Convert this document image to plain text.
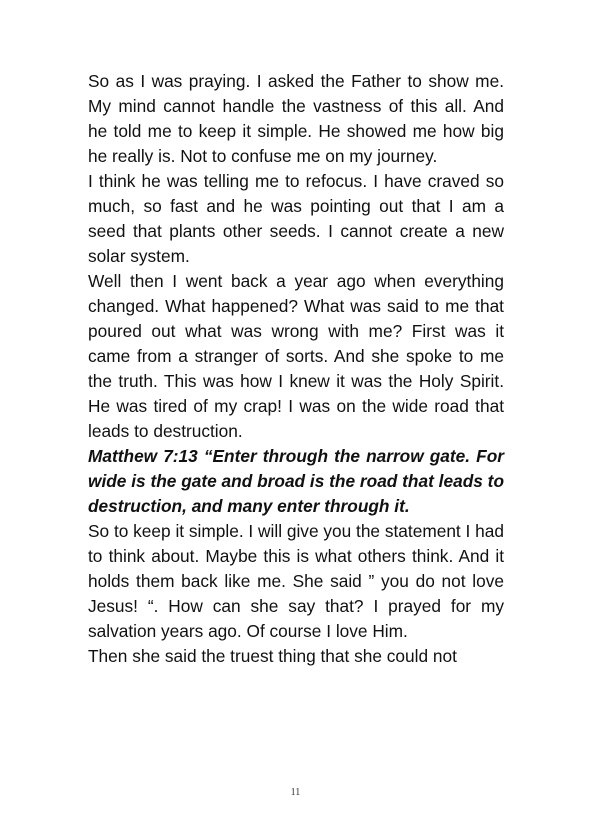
So as I was praying. I asked the Father to show me. My mind cannot handle the vastness of this all. And he told me to keep it simple. He showed me how big he really is. Not to confuse me on my journey.

I think he was telling me to refocus. I have craved so much, so fast and he was pointing out that I am a seed that plants other seeds. I cannot create a new solar system.

Well then I went back a year ago when everything changed. What happened? What was said to me that poured out what was wrong with me? First was it came from a stranger of sorts. And she spoke to me the truth. This was how I knew it was the Holy Spirit. He was tired of my crap! I was on the wide road that leads to destruction.

Matthew 7:13 “Enter through the narrow gate. For wide is the gate and broad is the road that leads to destruction, and many enter through it.

So to keep it simple. I will give you the statement I had to think about. Maybe this is what others think. And it holds them back like me. She said ” you do not love Jesus! “. How can she say that? I prayed for my salvation years ago. Of course I love Him.

Then she said the truest thing that she could not

11
